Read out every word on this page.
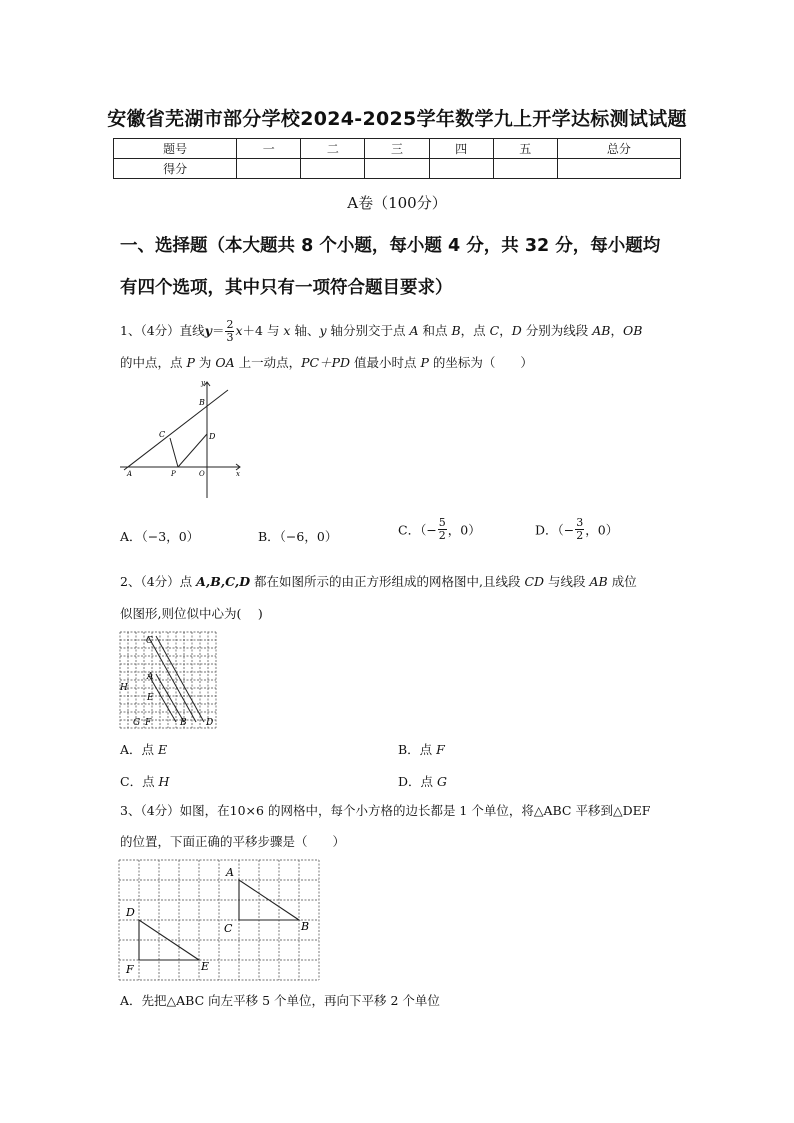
安徽省芜湖市部分学校2024-2025学年数学九上开学达标测试试题
题号	一	二	三	四	五	总分
得分						
A卷（100分）
一、选择题（本大题共 8 个小题，每小题 4 分，共 32 分，每小题均
有四个选项，其中只有一项符合题目要求）
1、（4分）直线$y= \frac{2}{3} x+4$ 与 x 轴、y 轴分别交于点 A 和点 B，点 C，D 分别为线段 AB，OB
的中点，点 P 为 OA 上一动点，PC＋PD 值最小时点 P 的坐标为（　　）
y
B
C	D
A	P	O	x
A．（−3，0）	B．（−6，0）	C．（− $\frac{5}{2}$ ，0）	D．（− $\frac{3}{2}$ ，0）
2、（4分）点 A,B,C,D 都在如图所示的由正方形组成的网格图中,且线段 CD 与线段 AB 成位
似图形,则位似中心为(　 )
C
A
H
E
G F	B D
A．点 E	B．点 F
C．点 H	D．点 G
3、（4分）如图，在10×6 的网格中，每个小方格的边长都是 1 个单位，将△ABC 平移到△DEF
的位置，下面正确的平移步骤是（　　）
A
C	B
D
F	E
A．先把△ABC 向左平移 5 个单位，再向下平移 2 个单位
